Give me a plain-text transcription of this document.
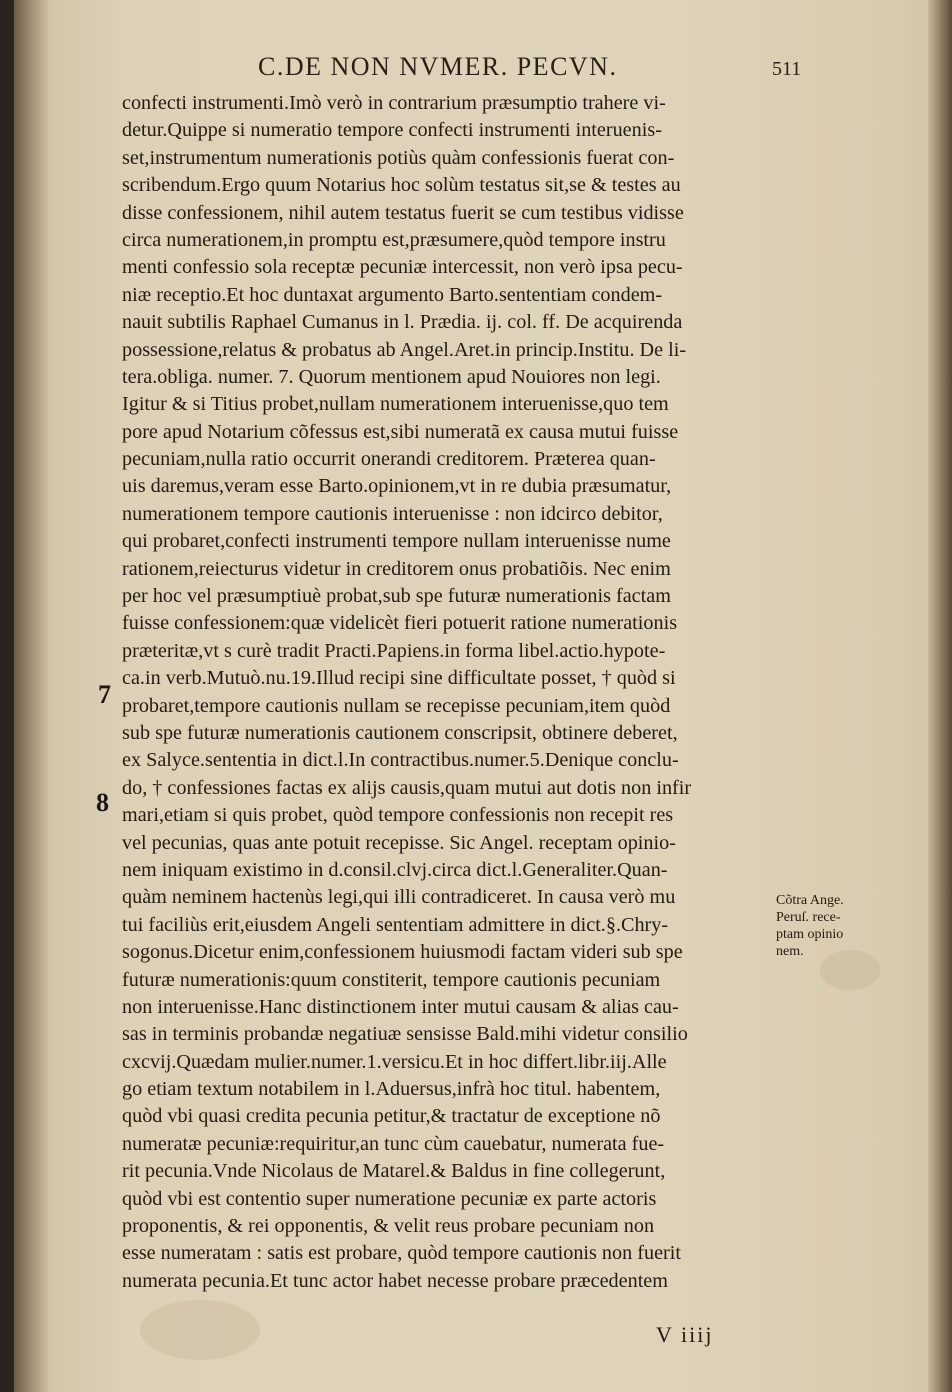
C.DE NON NVMER. PECVN.	511
confecti instrumenti.Imò verò in contrarium præsumptio trahere vi-
detur.Quippe si numeratio tempore confecti instrumenti interuenis-
set,instrumentum numerationis potiùs quàm confessionis fuerat con-
scribendum.Ergo quum Notarius hoc solùm testatus sit,se & testes au
disse confessionem, nihil autem testatus fuerit se cum testibus vidisse
circa numerationem,in promptu est,præsumere,quòd tempore instru
menti confessio sola receptæ pecuniæ intercessit, non verò ipsa pecu-
niæ receptio.Et hoc duntaxat argumento Barto.sententiam condem-
nauit subtilis Raphael Cumanus in l. Prædia. ij. col. ff. De acquirenda
possessione,relatus & probatus ab Angel.Aret.in princip.Institu. De li-
tera.obliga. numer. 7. Quorum mentionem apud Nouiores non legi.
Igitur & si Titius probet,nullam numerationem interuenisse,quo tem
pore apud Notarium cõfessus est,sibi numeratã ex causa mutui fuisse
pecuniam,nulla ratio occurrit onerandi creditorem. Præterea quan-
uis daremus,veram esse Barto.opinionem,vt in re dubia præsumatur,
numerationem tempore cautionis interuenisse : non idcirco debitor,
qui probaret,confecti instrumenti tempore nullam interuenisse nume
rationem,reiecturus videtur in creditorem onus probatiõis. Nec enim
per hoc vel præsumptiuè probat,sub spe futuræ numerationis factam
fuisse confessionem:quæ videlicèt fieri potuerit ratione numerationis
præteritæ,vt s curè tradit Practi.Papiens.in forma libel.actio.hypote-
ca.in verb.Mutuò.nu.19.Illud recipi sine difficultate posset, † quòd si
probaret,tempore cautionis nullam se recepisse pecuniam,item quòd
sub spe futuræ numerationis cautionem conscripsit, obtinere deberet,
ex Salyce.sententia in dict.l.In contractibus.numer.5.Denique conclu-
do, † confessiones factas ex alijs causis,quam mutui aut dotis non infir
mari,etiam si quis probet, quòd tempore confessionis non recepit res
vel pecunias, quas ante potuit recepisse. Sic Angel. receptam opinio-
nem iniquam existimo in d.consil.clvj.circa dict.l.Generaliter.Quan-
quàm neminem hactenùs legi,qui illi contradiceret. In causa verò mu
tui faciliùs erit,eiusdem Angeli sententiam admittere in dict.§.Chry-
sogonus.Dicetur enim,confessionem huiusmodi factam videri sub spe
futuræ numerationis:quum constiterit, tempore cautionis pecuniam
non interuenisse.Hanc distinctionem inter mutui causam & alias cau-
sas in terminis probandæ negatiuæ sensisse Bald.mihi videtur consilio
cxcvij.Quædam mulier.numer.1.versicu.Et in hoc differt.libr.iij.Alle
go etiam textum notabilem in l.Aduersus,infrà hoc titul. habentem,
quòd vbi quasi credita pecunia petitur,& tractatur de exceptione nõ
numeratæ pecuniæ:requiritur,an tunc cùm cauebatur, numerata fue-
rit pecunia.Vnde Nicolaus de Matarel.& Baldus in fine collegerunt,
quòd vbi est contentio super numeratione pecuniæ ex parte actoris
proponentis, & rei opponentis, & velit reus probare pecuniam non
esse numeratam : satis est probare, quòd tempore cautionis non fuerit
numerata pecunia.Et tunc actor habet necesse probare præcedentem
7
8
Cõtra Ange.
Peruſ. rece-
ptam opinio
nem.
V iiij
